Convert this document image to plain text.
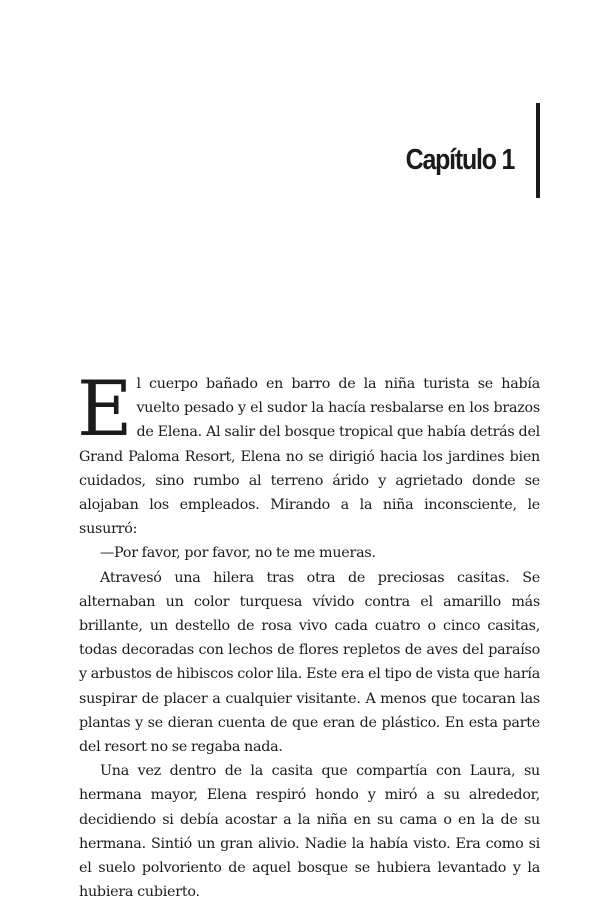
Capítulo 1

El cuerpo bañado en barro de la niña turista se había vuelto pesado y el sudor la hacía resbalarse en los brazos de Elena. Al salir del bosque tropical que había detrás del Grand Paloma Resort, Elena no se dirigió hacia los jardines bien cuidados, sino rumbo al terreno árido y agrietado donde se alojaban los empleados. Mirando a la niña inconsciente, le susurró:

—Por favor, por favor, no te me mueras.

Atravesó una hilera tras otra de preciosas casitas. Se alternaban un color turquesa vívido contra el amarillo más brillante, un destello de rosa vivo cada cuatro o cinco casitas, todas decoradas con lechos de flores repletos de aves del paraíso y arbustos de hibiscos color lila. Este era el tipo de vista que haría suspirar de placer a cualquier visitante. A menos que tocaran las plantas y se dieran cuenta de que eran de plástico. En esta parte del resort no se regaba nada.

Una vez dentro de la casita que compartía con Laura, su hermana mayor, Elena respiró hondo y miró a su alrededor, decidiendo si debía acostar a la niña en su cama o en la de su hermana. Sintió un gran alivio. Nadie la había visto. Era como si el suelo polvoriento de aquel bosque se hubiera levantado y la hubiera cubierto.
